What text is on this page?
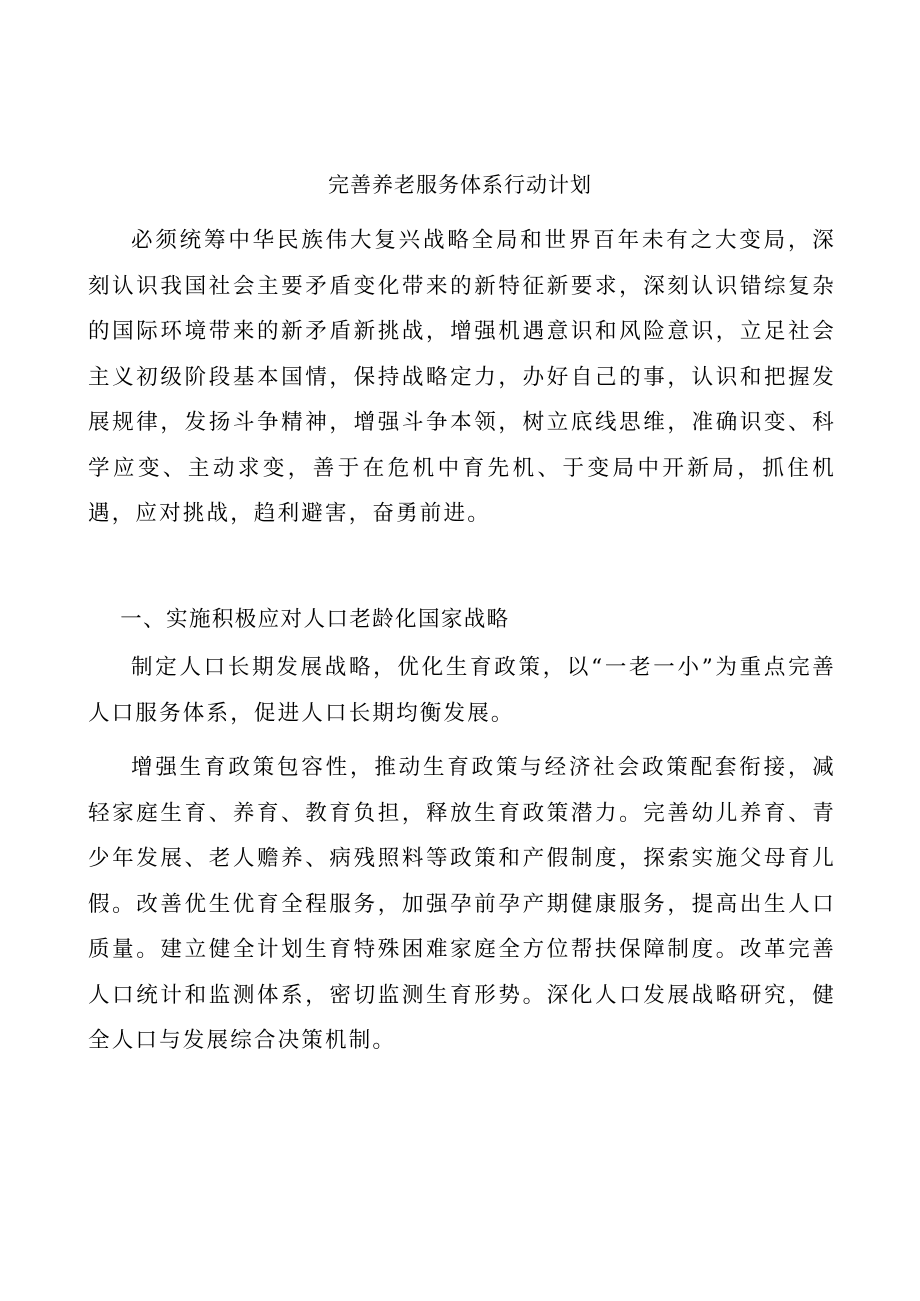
完善养老服务体系行动计划

必须统筹中华民族伟大复兴战略全局和世界百年未有之大变局，深刻认识我国社会主要矛盾变化带来的新特征新要求，深刻认识错综复杂的国际环境带来的新矛盾新挑战，增强机遇意识和风险意识，立足社会主义初级阶段基本国情，保持战略定力，办好自己的事，认识和把握发展规律，发扬斗争精神，增强斗争本领，树立底线思维，准确识变、科学应变、主动求变，善于在危机中育先机、于变局中开新局，抓住机遇，应对挑战，趋利避害，奋勇前进。

一、实施积极应对人口老龄化国家战略

制定人口长期发展战略，优化生育政策，以“一老一小”为重点完善人口服务体系，促进人口长期均衡发展。

增强生育政策包容性，推动生育政策与经济社会政策配套衔接，减轻家庭生育、养育、教育负担，释放生育政策潜力。完善幼儿养育、青少年发展、老人赡养、病残照料等政策和产假制度，探索实施父母育儿假。改善优生优育全程服务，加强孕前孕产期健康服务，提高出生人口质量。建立健全计划生育特殊困难家庭全方位帮扶保障制度。改革完善人口统计和监测体系，密切监测生育形势。深化人口发展战略研究，健全人口与发展综合决策机制。
